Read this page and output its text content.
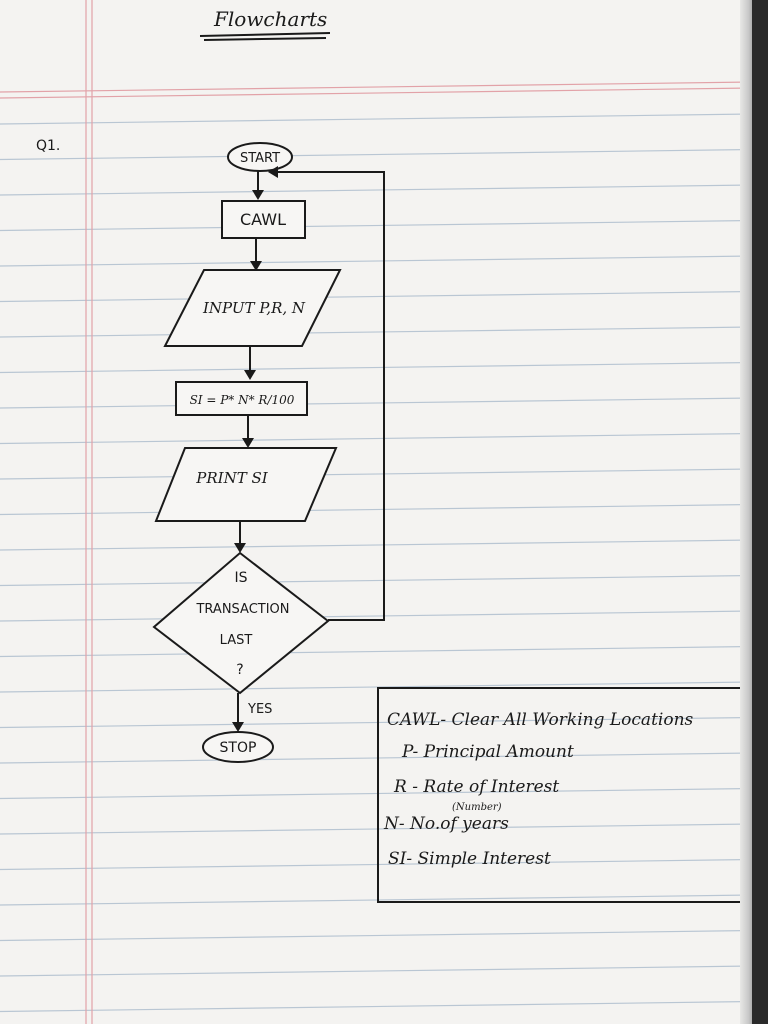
Flowcharts
Q1.
START
CAWL
INPUT P,R, N
SI = P* N* R/100
PRINT SI
IS
TRANSACTION
LAST
?
YES
STOP
CAWL- Clear All Working Locations
P- Principal Amount
R - Rate of Interest
(Number)
N- No.of years
SI- Simple Interest
